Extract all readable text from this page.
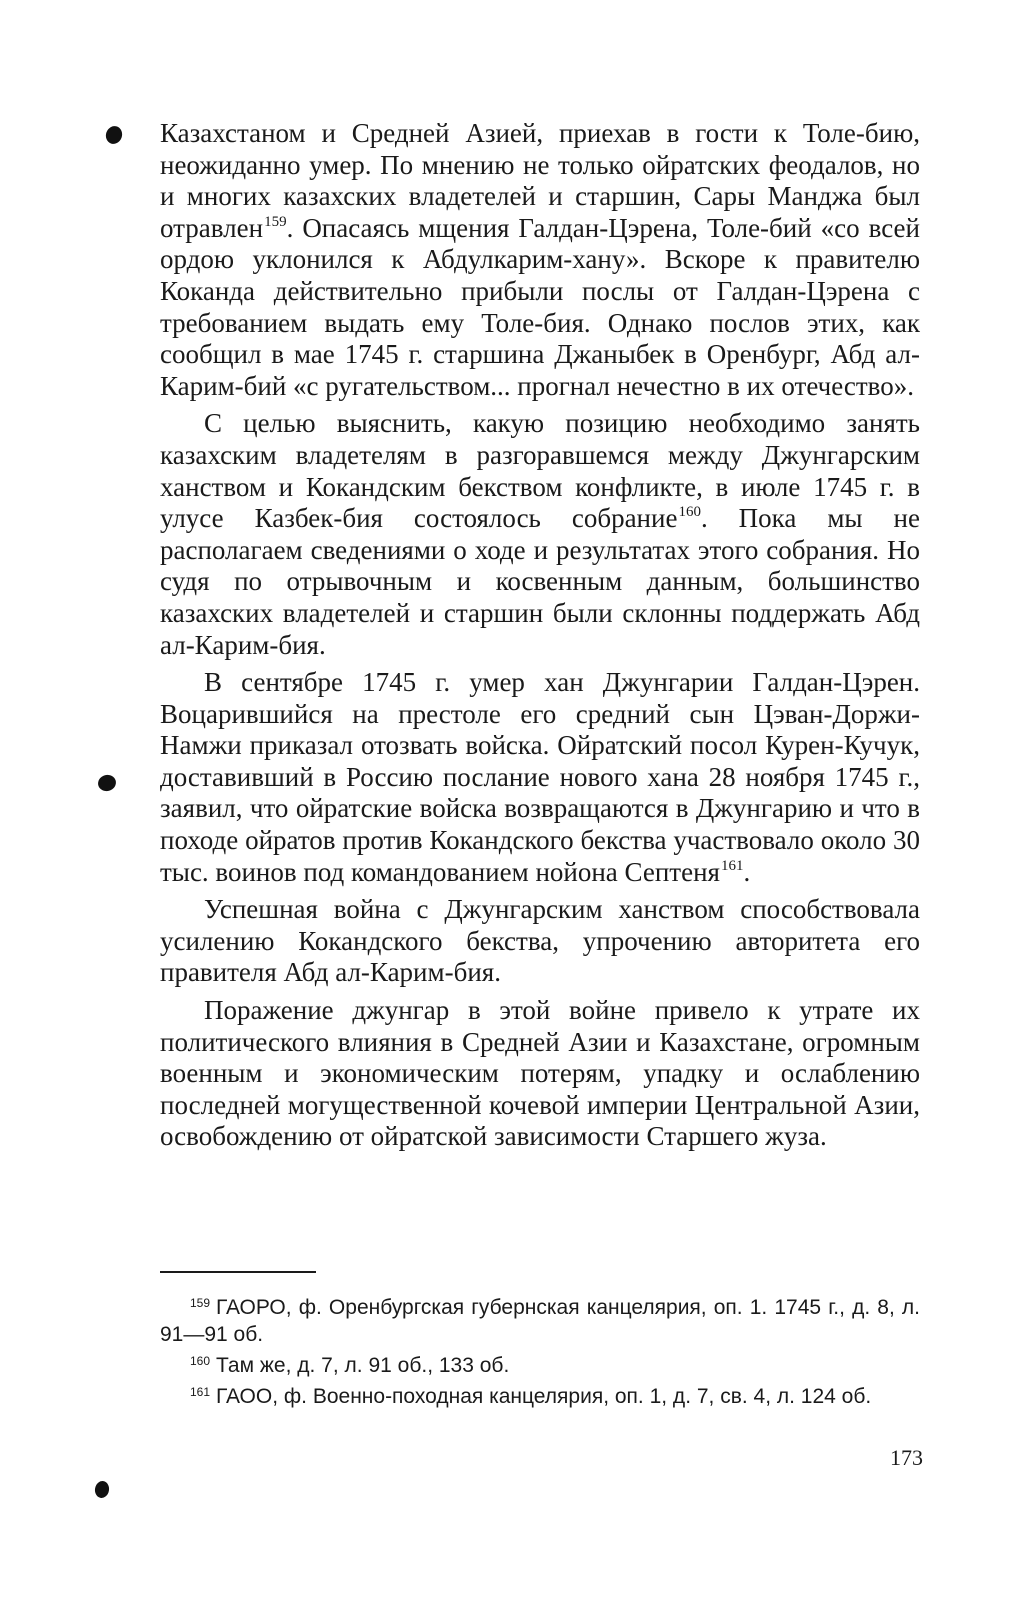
Казахстаном и Средней Азией, приехав в гости к Толе-бию, неожиданно умер. По мнению не только ойратских феодалов, но и многих казахских владетелей и старшин, Сары Манджа был отравлен$^{159}$. Опасаясь мщения Галдан-Цэрена, Толе-бий «со всей ордою уклонился к Абдулкарим-хану». Вскоре к правителю Коканда действительно прибыли послы от Галдан-Цэрена с требованием выдать ему Толе-бия. Однако послов этих, как сообщил в мае 1745 г. старшина Джаныбек в Оренбург, Абд ал-Карим-бий «с ругательством... прогнал нечестно в их отечество».

С целью выяснить, какую позицию необходимо занять казахским владетелям в разгоравшемся между Джунгарским ханством и Кокандским бекством конфликте, в июле 1745 г. в улусе Казбек-бия состоялось собрание$^{160}$. Пока мы не располагаем сведениями о ходе и результатах этого собрания. Но судя по отрывочным и косвенным данным, большинство казахских владетелей и старшин были склонны поддержать Абд ал-Карим-бия.

В сентябре 1745 г. умер хан Джунгарии Галдан-Цэрен. Воцарившийся на престоле его средний сын Цэван-Доржи-Намжи приказал отозвать войска. Ойратский посол Курен-Кучук, доставивший в Россию послание нового хана 28 ноября 1745 г., заявил, что ойратские войска возвращаются в Джунгарию и что в походе ойратов против Кокандского бекства участвовало около 30 тыс. воинов под командованием нойона Септеня$^{161}$.

Успешная война с Джунгарским ханством способствовала усилению Кокандского бекства, упрочению авторитета его правителя Абд ал-Карим-бия.

Поражение джунгар в этой войне привело к утрате их политического влияния в Средней Азии и Казахстане, огромным военным и экономическим потерям, упадку и ослаблению последней могущественной кочевой империи Центральной Азии, освобождению от ойратской зависимости Старшего жуза.

159 ГАОРО, ф. Оренбургская губернская канцелярия, оп. 1. 1745 г., д. 8, л. 91—91 об.

160 Там же, д. 7, л. 91 об., 133 об.

161 ГАОО, ф. Военно-походная канцелярия, оп. 1, д. 7, св. 4, л. 124 об.

173
